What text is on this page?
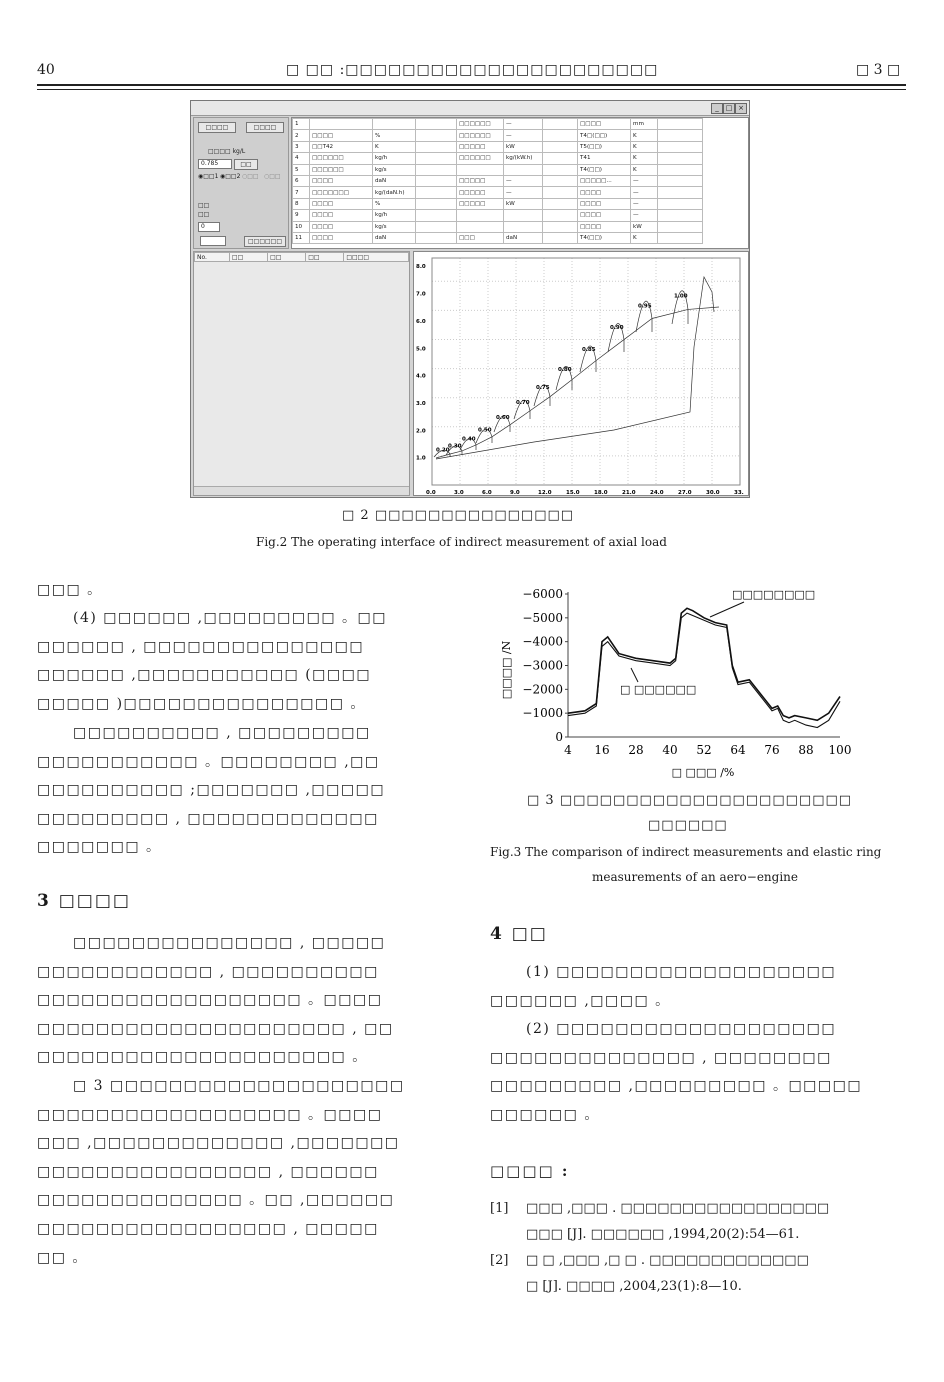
40	□ □□ :□□□□□□□□□□□□□□□□□□□□□□	□ 3 □
_ □ ×
□□□□	□□□□
□□□□ kg/L
0.785	□□
◉□□1 ◉□□2 ○□□ ○□□
□□
□□
0
□□□□□□
1				□□□□□□	—		□□□□	mm	
2	□□□□	%		□□□□□□	—		T4□(□□)	K	
3	□□T42	K		□□□□□	kW		T5(□□)	K	
4	□□□□□□	kg/h		□□□□□□	kg/(kW.h)		T41	K	
5	□□□□□□	kg/s					T4(□□)	K	
6	□□□□	daN		□□□□□	—		□□□□□...	—	
7	□□□□□□□	kg/(daN.h)		□□□□□	—		□□□□	—	
8	□□□□	%		□□□□□	kW		□□□□	—	
9	□□□□	kg/h					□□□□	—	
10	□□□□	kg/s					□□□□	kW	
11	□□□□	daN		□□□	daN		T4(□□)	K	
No.	□□	□□	□□	□□□□
0.0	3.0	6.0	9.0	12.0	15.0	18.0	21.0	24.0	27.0	30.0	33.
1.0
2.0
3.0
4.0
5.0
6.0
7.0
8.0
0.20
0.30
0.40
0.50
0.60
0.70
0.75
0.80
0.85
0.90
0.95
1.00
□ 2 □□□□□□□□□□□□□□□
Fig.2 The operating interface of indirect measurement of axial load
□□□ 。
(4) □□□□□□ ,□□□□□□□□□ 。□□
□□□□□□ , □□□□□□□□□□□□□□□
□□□□□□ ,□□□□□□□□□□□ (□□□□
□□□□□ )□□□□□□□□□□□□□□□ 。
□□□□□□□□□□ , □□□□□□□□□
□□□□□□□□□□□ 。□□□□□□□□ ,□□
□□□□□□□□□□ ;□□□□□□□ ,□□□□□
□□□□□□□□□ , □□□□□□□□□□□□□
□□□□□□□ 。
3 □□□□
□□□□□□□□□□□□□□□ , □□□□□
□□□□□□□□□□□□ , □□□□□□□□□□
□□□□□□□□□□□□□□□□□□ 。□□□□
□□□□□□□□□□□□□□□□□□□□□ , □□
□□□□□□□□□□□□□□□□□□□□□ 。
□ 3 □□□□□□□□□□□□□□□□□□□□
□□□□□□□□□□□□□□□□□□ 。□□□□
□□□ ,□□□□□□□□□□□□□ ,□□□□□□□
□□□□□□□□□□□□□□□□ , □□□□□□
□□□□□□□□□□□□□□ 。□□ ,□□□□□□
□□□□□□□□□□□□□□□□□ , □□□□□
□□ 。
−6000
−5000
−4000
−3000
−2000
−1000
0
4 16 28 40 52 64 76 88 100
□□□□ /N
□ □□□ /%
□□□□□□□□
□ □□□□□□
□ 3 □□□□□□□□□□□□□□□□□□□□□□
□□□□□□
Fig.3 The comparison of indirect measurements and elastic ring
measurements of an aero−engine
4 □□
(1) □□□□□□□□□□□□□□□□□□□
□□□□□□ ,□□□□ 。
(2) □□□□□□□□□□□□□□□□□□□
□□□□□□□□□□□□□□ , □□□□□□□□
□□□□□□□□□ ,□□□□□□□□□ 。□□□□□
□□□□□□ 。
□□□□ :
[1]	□□□ ,□□□ . □□□□□□□□□□□□□□□□□
□□□ [J]. □□□□□□ ,1994,20(2):54—61.
[2]	□ □ ,□□□ ,□ □ . □□□□□□□□□□□□□
□ [J]. □□□□ ,2004,23(1):8—10.
